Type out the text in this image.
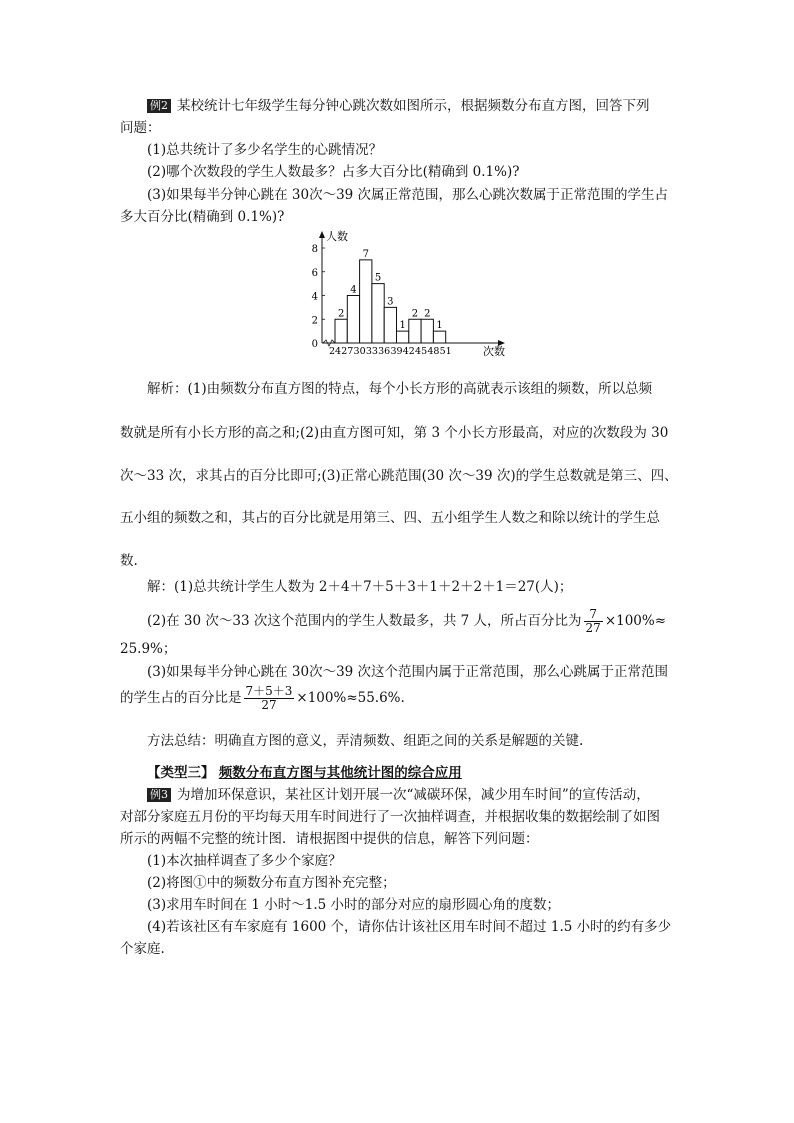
例2 某校统计七年级学生每分钟心跳次数如图所示，根据频数分布直方图，回答下列
问题：
(1)总共统计了多少名学生的心跳情况？
(2)哪个次数段的学生人数最多？占多大百分比(精确到 0.1%)?
(3)如果每半分钟心跳在 30次～39 次属正常范围，那么心跳次数属于正常范围的学生占
多大百分比(精确到 0.1%)?
0
2
4
6
8
2
4
7
5
3
1
2 2
1
24 27 30 33 36 39 42 45 48 51
人数
次数
解析：(1)由频数分布直方图的特点，每个小长方形的高就表示该组的频数，所以总频
数就是所有小长方形的高之和;(2)由直方图可知，第 3 个小长方形最高，对应的次数段为 30
次～33 次，求其占的百分比即可;(3)正常心跳范围(30 次～39 次)的学生总数就是第三、四、
五小组的频数之和，其占的百分比就是用第三、四、五小组学生人数之和除以统计的学生总
数.
解：(1)总共统计学生人数为 2＋4＋7＋5＋3＋1＋2＋2＋1＝27(人)；
(2)在 30 次～33 次这个范围内的学生人数最多，共 7 人，所占百分比为 $\frac{7}{27} \times 100\%\approx$
25.9%；
(3)如果每半分钟心跳在 30次～39 次这个范围内属于正常范围，那么心跳属于正常范围
的学生占的百分比是 $\frac{7+5+3}{27} \times 100\%\approx 55.6\%$.
方法总结：明确直方图的意义，弄清频数、组距之间的关系是解题的关键.
【类型三】 频数分布直方图与其他统计图的综合应用
例3 为增加环保意识，某社区计划开展一次“减碳环保，减少用车时间”的宣传活动，
对部分家庭五月份的平均每天用车时间进行了一次抽样调查，并根据收集的数据绘制了如图
所示的两幅不完整的统计图．请根据图中提供的信息，解答下列问题：
(1)本次抽样调查了多少个家庭？
(2)将图①中的频数分布直方图补充完整；
(3)求用车时间在 1 小时～1.5 小时的部分对应的扇形圆心角的度数；
(4)若该社区有车家庭有 1600 个，请你估计该社区用车时间不超过 1.5 小时的约有多少
个家庭.
